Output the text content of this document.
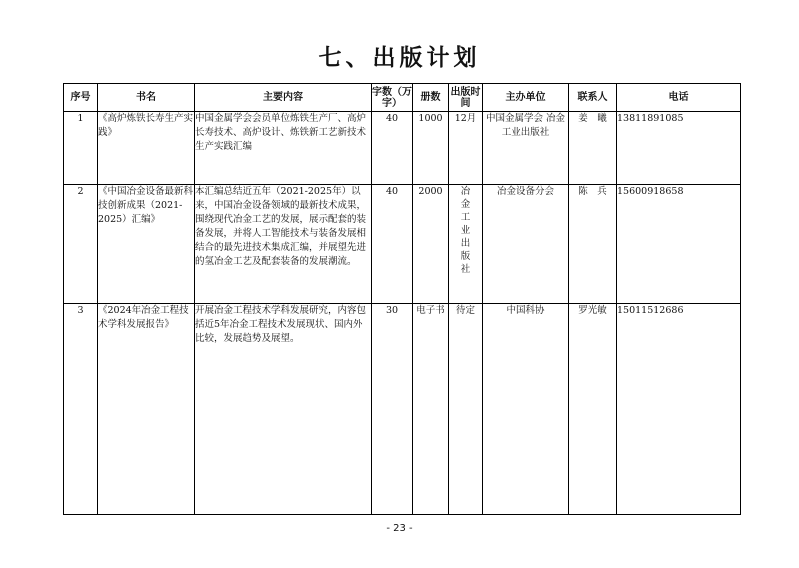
七、出版计划
序号	书名	主要内容	字数（万字）	册数	出版时间	主办单位	联系人	电话
1	《高炉炼铁长寿生产实践》	中国金属学会会员单位炼铁生产厂、高炉长寿技术、高炉设计、炼铁新工艺新技术生产实践汇编	40	1000	12月	中国金属学会 冶金工业出版社	姜　曦	13811891085
2	《中国冶金设备最新科技创新成果（2021-2025）汇编》	本汇编总结近五年（2021-2025年）以来，中国冶金设备领域的最新技术成果，围绕现代冶金工艺的发展，展示配套的装备发展，并将人工智能技术与装备发展相结合的最先进技术集成汇编，并展望先进的氢冶金工艺及配套装备的发展潮流。	40	2000	冶金工业出版社	冶金设备分会	陈　兵	15600918658
3	《2024年冶金工程技术学科发展报告》	开展冶金工程技术学科发展研究，内容包括近5年冶金工程技术发展现状、国内外比较，发展趋势及展望。	30	电子书	待定	中国科协	罗光敏	15011512686
- 23 -
